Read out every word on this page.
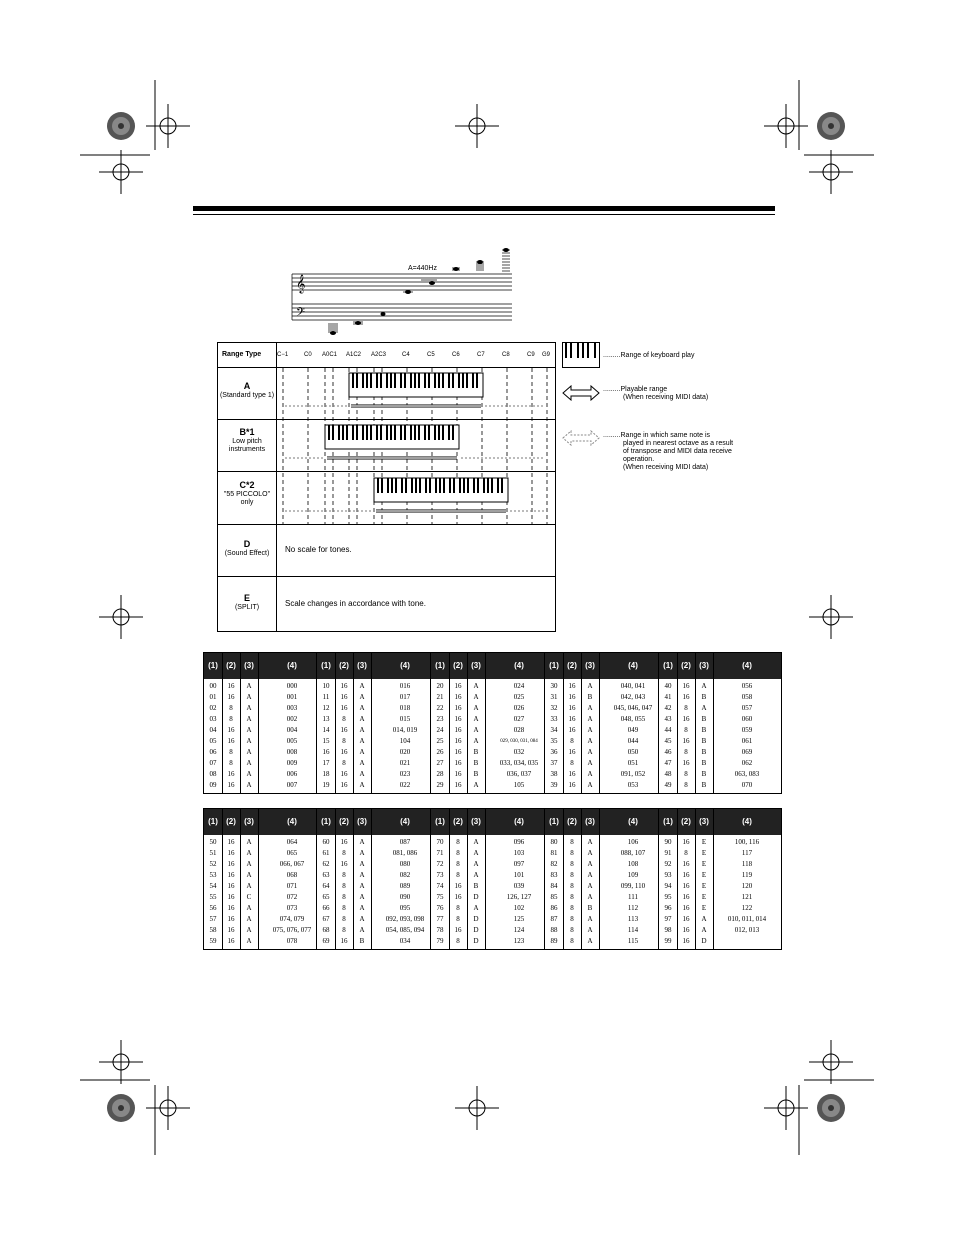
𝄞
𝄢
A=440Hz
Range Type	C−1	C0 A0C1 A1C2 A2C3	C4	C5	C6	C7	C8	C9 G9
A
(Standard type 1)
B*1
Low pitch
instruments
C*2
"55 PICCOLO"
only
D
(Sound Effect)
E
(SPLIT)
No scale for tones.
Scale changes in accordance with tone.
.........Range of keyboard play
.........Playable range
(When receiving MIDI data)
.........Range in which same note is
played in nearest octave as a result
of transpose and MIDI data receive
operation.
(When receiving MIDI data)
(1)	(2)	(3)	(4)
00	16	A	000
01	16	A	001
02	8	A	003
03	8	A	002
04	16	A	004
05	16	A	005
06	8	A	008
07	8	A	009
08	16	A	006
09	16	A	007
(1)	(2)	(3)	(4)
10	16	A	016
11	16	A	017
12	16	A	018
13	8	A	015
14	16	A	014, 019
15	8	A	104
16	16	A	020
17	8	A	021
18	16	A	023
19	16	A	022
(1)	(2)	(3)	(4)
20	16	A	024
21	16	A	025
22	16	A	026
23	16	A	027
24	16	A	028
25	16	A	029, 030, 031, 084
26	16	B	032
27	16	B	033, 034, 035
28	16	B	036, 037
29	16	A	105
(1)	(2)	(3)	(4)
30	16	A	040, 041
31	16	B	042, 043
32	16	A	045, 046, 047
33	16	A	048, 055
34	16	A	049
35	8	A	044
36	16	A	050
37	8	A	051
38	16	A	091, 052
39	16	A	053
(1)	(2)	(3)	(4)
40	16	A	056
41	16	B	058
42	8	A	057
43	16	B	060
44	8	B	059
45	16	B	061
46	8	B	069
47	16	B	062
48	8	B	063, 083
49	8	B	070
(1)	(2)	(3)	(4)
50	16	A	064
51	16	A	065
52	16	A	066, 067
53	16	A	068
54	16	A	071
55	16	C	072
56	16	A	073
57	16	A	074, 079
58	16	A	075, 076, 077
59	16	A	078
(1)	(2)	(3)	(4)
60	16	A	087
61	8	A	081, 086
62	16	A	080
63	8	A	082
64	8	A	089
65	8	A	090
66	8	A	095
67	8	A	092, 093, 098
68	8	A	054, 085, 094
69	16	B	034
(1)	(2)	(3)	(4)
70	8	A	096
71	8	A	103
72	8	A	097
73	8	A	101
74	16	B	039
75	16	D	126, 127
76	8	A	102
77	8	D	125
78	16	D	124
79	8	D	123
(1)	(2)	(3)	(4)
80	8	A	106
81	8	A	088, 107
82	8	A	108
83	8	A	109
84	8	A	099, 110
85	8	A	111
86	8	B	112
87	8	A	113
88	8	A	114
89	8	A	115
(1)	(2)	(3)	(4)
90	16	E	100, 116
91	8	E	117
92	16	E	118
93	16	E	119
94	16	E	120
95	16	E	121
96	16	E	122
97	16	A	010, 011, 014
98	16	A	012, 013
99	16	D
